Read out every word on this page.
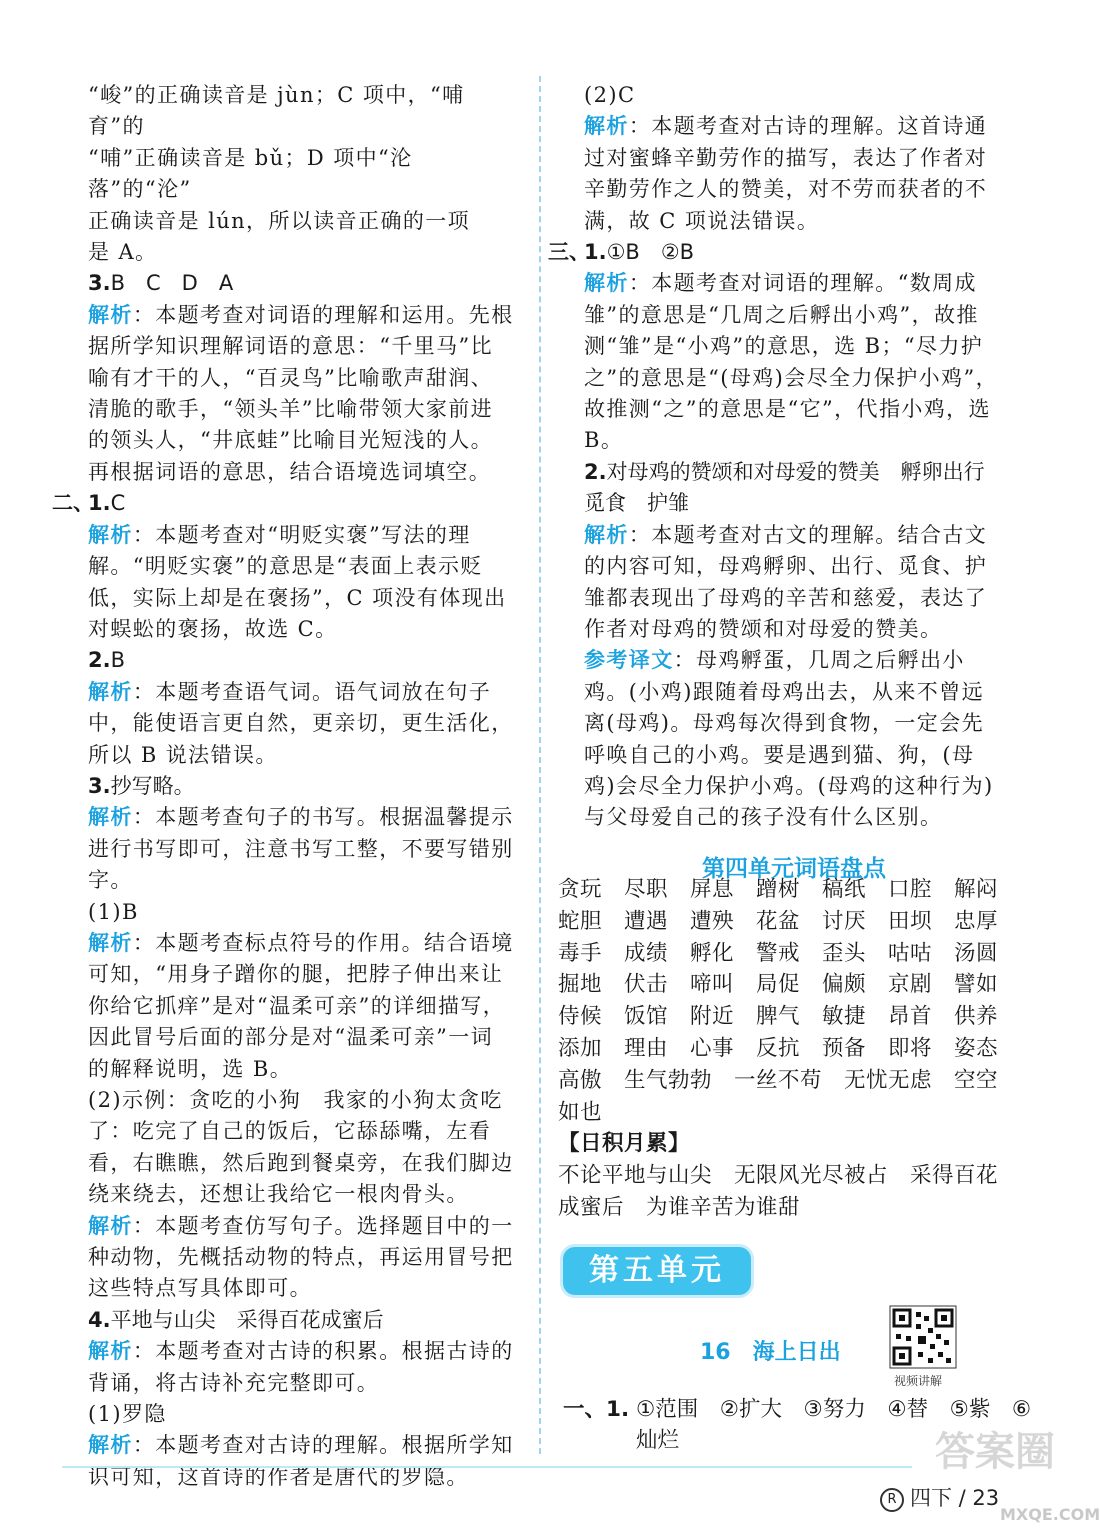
“峻”的正确读音是 jùn；C 项中，“哺育”的

“哺”正确读音是 bǔ；D 项中“沦落”的“沦”

正确读音是 lún，所以读音正确的一项

是 A。

3.B　C　D　A

解析：本题考查对词语的理解和运用。先根据所学知识理解词语的意思：“千里马”比喻有才干的人，“百灵鸟”比喻歌声甜润、清脆的歌手，“领头羊”比喻带领大家前进的领头人，“井底蛙”比喻目光短浅的人。再根据词语的意思，结合语境选词填空。

二、

1.C

解析：本题考查对“明贬实褒”写法的理解。“明贬实褒”的意思是“表面上表示贬低，实际上却是在褒扬”，C 项没有体现出对蜈蚣的褒扬，故选 C。

2.B

解析：本题考查语气词。语气词放在句子中，能使语言更自然，更亲切，更生活化，所以 B 说法错误。

3.抄写略。

解析：本题考查句子的书写。根据温馨提示进行书写即可，注意书写工整，不要写错别字。

(1)B

解析：本题考查标点符号的作用。结合语境可知，“用身子蹭你的腿，把脖子伸出来让你给它抓痒”是对“温柔可亲”的详细描写，因此冒号后面的部分是对“温柔可亲”一词的解释说明，选 B。

(2)示例：贪吃的小狗　我家的小狗太贪吃了：吃完了自己的饭后，它舔舔嘴，左看看，右瞧瞧，然后跑到餐桌旁，在我们脚边绕来绕去，还想让我给它一根肉骨头。

解析：本题考查仿写句子。选择题目中的一种动物，先概括动物的特点，再运用冒号把这些特点写具体即可。

4.平地与山尖　采得百花成蜜后

解析：本题考查对古诗的积累。根据古诗的背诵，将古诗补充完整即可。

(1)罗隐

解析：本题考查对古诗的理解。根据所学知识可知，这首诗的作者是唐代的罗隐。

(2)C

解析：本题考查对古诗的理解。这首诗通过对蜜蜂辛勤劳作的描写，表达了作者对辛勤劳作之人的赞美，对不劳而获者的不满，故 C 项说法错误。

三、

1.①B　②B

解析：本题考查对词语的理解。“数周成雏”的意思是“几周之后孵出小鸡”，故推测“雏”是“小鸡”的意思，选 B；“尽力护之”的意思是“(母鸡)会尽全力保护小鸡”，故推测“之”的意思是“它”，代指小鸡，选 B。

2.对母鸡的赞颂和对母爱的赞美　孵卵出行　觅食　护雏

解析：本题考查对古文的理解。结合古文的内容可知，母鸡孵卵、出行、觅食、护雏都表现出了母鸡的辛苦和慈爱，表达了作者对母鸡的赞颂和对母爱的赞美。

参考译文：母鸡孵蛋，几周之后孵出小鸡。(小鸡)跟随着母鸡出去，从来不曾远离(母鸡)。母鸡每次得到食物，一定会先呼唤自己的小鸡。要是遇到猫、狗，(母鸡)会尽全力保护小鸡。(母鸡的这种行为)与父母爱自己的孩子没有什么区别。

第四单元词语盘点
贪玩　尽职　屏息　蹭树　稿纸　口腔　解闷　蛇胆　遭遇　遭殃　花盆　讨厌　田坝　忠厚　毒手　成绩　孵化　警戒　歪头　咕咕　汤圆　掘地　伏击　啼叫　局促　偏颇　京剧　譬如　侍候　饭馆　附近　脾气　敏捷　昂首　供养　添加　理由　心事　反抗　预备　即将　姿态　高傲　生气勃勃　一丝不苟　无忧无虑　空空如也
【日积月累】
不论平地与山尖　无限风光尽被占　采得百花成蜜后　为谁辛苦为谁甜
第五单元
16 海上日出
视频讲解
一、1. ①范围　②扩大　③努力　④替　⑤紫　⑥灿烂	答案圈
MXQE.COM
R 四下 / 23
